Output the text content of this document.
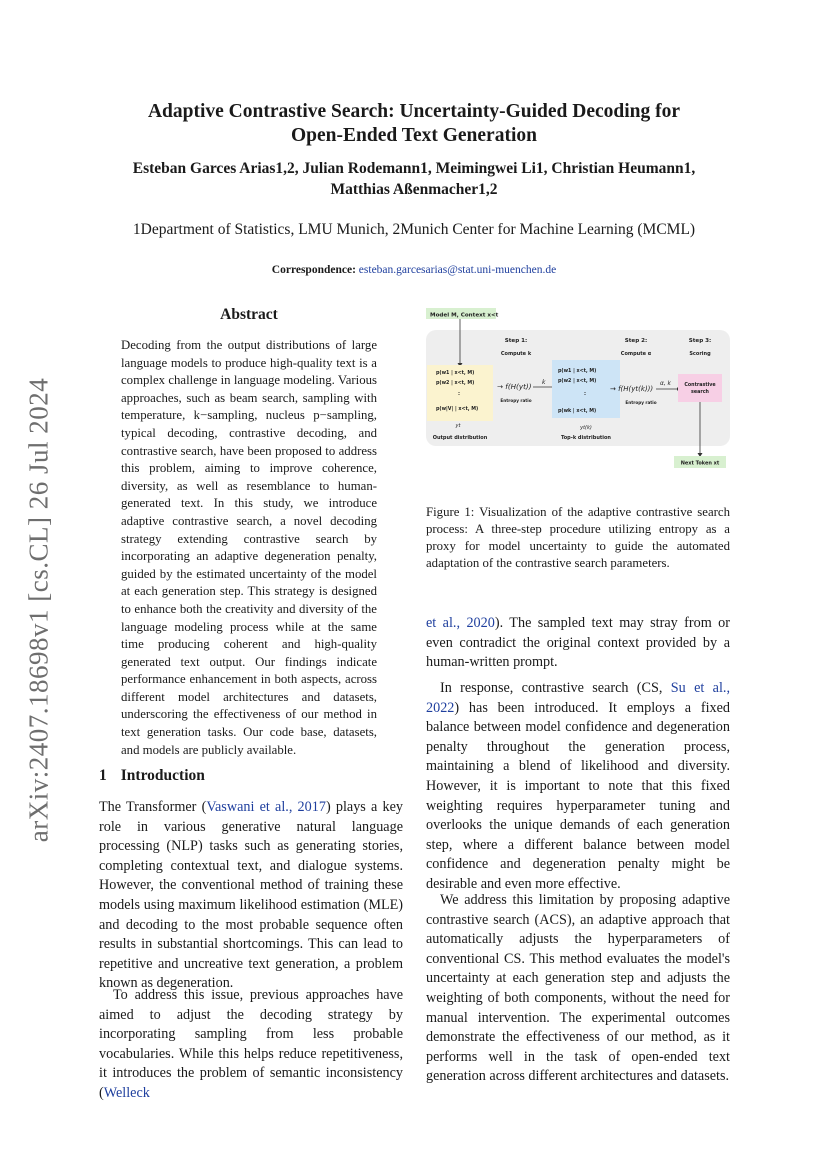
arXiv:2407.18698v1 [cs.CL] 26 Jul 2024
Adaptive Contrastive Search: Uncertainty-Guided Decoding for
Open-Ended Text Generation
Esteban Garces Arias1,2, Julian Rodemann1, Meimingwei Li1, Christian Heumann1,
Matthias Aßenmacher1,2
1Department of Statistics, LMU Munich, 2Munich Center for Machine Learning (MCML)
Correspondence: esteban.garcesarias@stat.uni-muenchen.de
Abstract
Decoding from the output distributions of large language models to produce high-quality text is a complex challenge in language modeling. Various approaches, such as beam search, sampling with temperature, k−sampling, nucleus p−sampling, typical decoding, contrastive decoding, and contrastive search, have been proposed to address this problem, aiming to improve coherence, diversity, as well as resemblance to human-generated text. In this study, we introduce adaptive contrastive search, a novel decoding strategy extending contrastive search by incorporating an adaptive degeneration penalty, guided by the estimated uncertainty of the model at each generation step. This strategy is designed to enhance both the creativity and diversity of the language modeling process while at the same time producing coherent and high-quality generated text output. Our findings indicate performance enhancement in both aspects, across different model architectures and datasets, underscoring the effectiveness of our method in text generation tasks. Our code base, datasets, and models are publicly available.
1 Introduction
The Transformer (Vaswani et al., 2017) plays a key role in various generative natural language processing (NLP) tasks such as generating stories, completing contextual text, and dialogue systems. However, the conventional method of training these models using maximum likelihood estimation (MLE) and decoding to the most probable sequence often results in substantial shortcomings. This can lead to repetitive and uncreative text generation, a problem known as degeneration.
To address this issue, previous approaches have aimed to adjust the decoding strategy by incorporating sampling from less probable vocabularies. While this helps reduce repetitiveness, it introduces the problem of semantic inconsistency (Welleck
Model M, Context x<t
Step 1:
Compute k
Step 2:
Compute α
Step 3:
Scoring
p(w1 | x<t, M)
p(w2 | x<t, M)
:
p(w|V| | x<t, M)
yt
Output distribution
→ f(H(yt)) k
Entropy ratio
p(w1 | x<t, M)
p(w2 | x<t, M)
:
p(wk | x<t, M)
yt(k)
Top-k distribution
→ f(H(yt(k)))
α, k
Entropy ratio
Contrastive
search
Next Token xt
Figure 1: Visualization of the adaptive contrastive search process: A three-step procedure utilizing entropy as a proxy for model uncertainty to guide the automated adaptation of the contrastive search parameters.
et al., 2020). The sampled text may stray from or even contradict the original context provided by a human-written prompt.
In response, contrastive search (CS, Su et al., 2022) has been introduced. It employs a fixed balance between model confidence and degeneration penalty throughout the generation process, maintaining a blend of likelihood and diversity. However, it is important to note that this fixed weighting requires hyperparameter tuning and overlooks the unique demands of each generation step, where a different balance between model confidence and degeneration penalty might be desirable and even more effective.
We address this limitation by proposing adaptive contrastive search (ACS), an adaptive approach that automatically adjusts the hyperparameters of conventional CS. This method evaluates the model's uncertainty at each generation step and adjusts the weighting of both components, without the need for manual intervention. The experimental outcomes demonstrate the effectiveness of our method, as it performs well in the task of open-ended text generation across different architectures and datasets.
